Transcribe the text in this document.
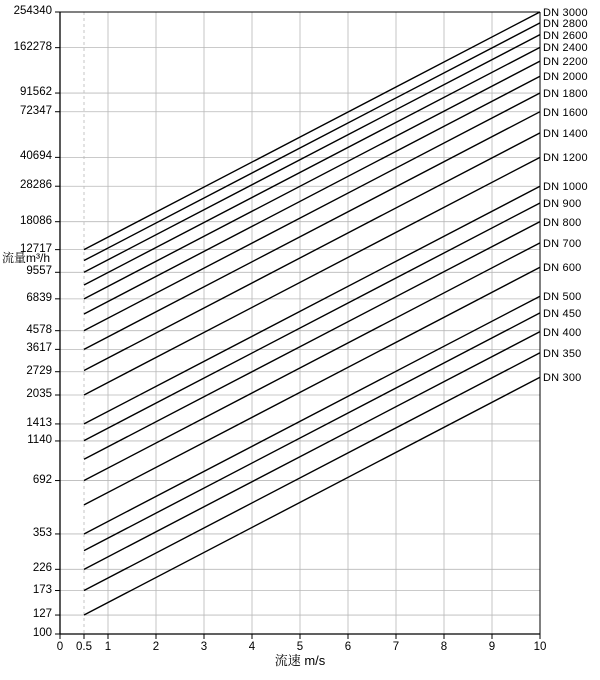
流量m³/h
流速 m/s
100
127
173
226
353
692
1140
1413
2035
2729
3617
4578
6839
9557
12717
18086
28286
40694
72347
91562
162278
254340
0	0.5	1	2	3	4	5	6	7	8	9	10
DN 300
DN 350
DN 400
DN 450
DN 500
DN 600
DN 700
DN 800
DN 900
DN 1000
DN 1200
DN 1400
DN 1600
DN 1800
DN 2000
DN 2200
DN 2400
DN 2600
DN 2800
DN 3000
